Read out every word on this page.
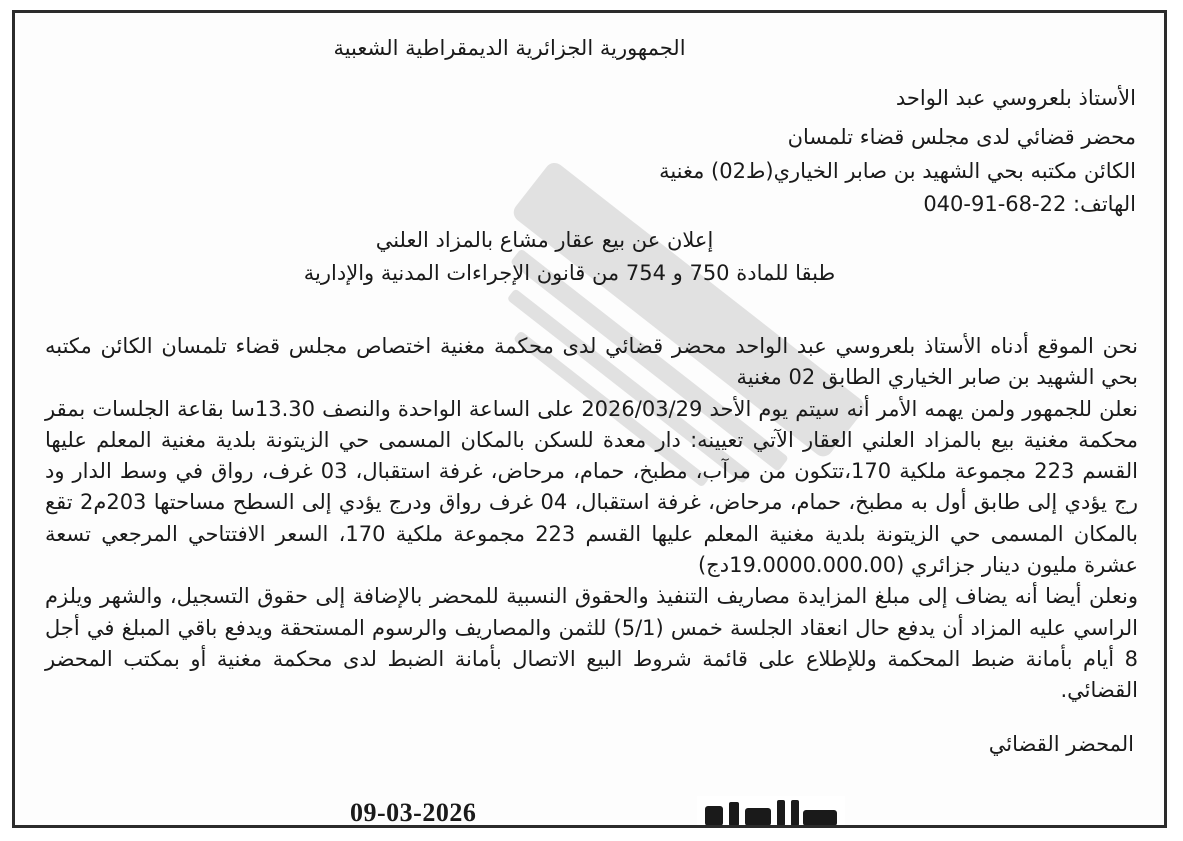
الجمهورية الجزائرية الديمقراطية الشعبية
الأستاذ بلعروسي عبد الواحد
محضر قضائي لدى مجلس قضاء تلمسان
الكائن مكتبه بحي الشهيد بن صابر الخياري(ط02) مغنية
الهاتف: 22-68-91-040
إعلان عن بيع عقار مشاع بالمزاد العلني
طبقا للمادة 750 و 754 من قانون الإجراءات المدنية والإدارية

نحن الموقع أدناه الأستاذ بلعروسي عبد الواحد محضر قضائي لدى محكمة مغنية اختصاص مجلس قضاء تلمسان الكائن مكتبه بحي الشهيد بن صابر الخياري الطابق 02 مغنية

نعلن للجمهور ولمن يهمه الأمر أنه سيتم يوم الأحد 2026/03/29 على الساعة الواحدة والنصف 13.30سا بقاعة الجلسات بمقر محكمة مغنية بيع بالمزاد العلني العقار الآتي تعيينه: دار معدة للسكن بالمكان المسمى حي الزيتونة بلدية مغنية المعلم عليها القسم 223 مجموعة ملكية 170،تتكون من مرآب، مطبخ، حمام، مرحاض، غرفة استقبال، 03 غرف، رواق في وسط الدار ود رج يؤدي إلى طابق أول به مطبخ، حمام، مرحاض، غرفة استقبال، 04 غرف رواق ودرج يؤدي إلى السطح مساحتها 203م2 تقع بالمكان المسمى حي الزيتونة بلدية مغنية المعلم عليها القسم 223 مجموعة ملكية 170، السعر الافتتاحي المرجعي تسعة عشرة مليون دينار جزائري (19.0000.000.00دج)

ونعلن أيضا أنه يضاف إلى مبلغ المزايدة مصاريف التنفيذ والحقوق النسبية للمحضر بالإضافة إلى حقوق التسجيل، والشهر ويلزم الراسي عليه المزاد أن يدفع حال انعقاد الجلسة خمس (5/1) للثمن والمصاريف والرسوم المستحقة ويدفع باقي المبلغ في أجل 8 أيام بأمانة ضبط المحكمة وللإطلاع على قائمة شروط البيع الاتصال بأمانة الضبط لدى محكمة مغنية أو بمكتب المحضر القضائي.

المحضر القضائي
09-03-2026
